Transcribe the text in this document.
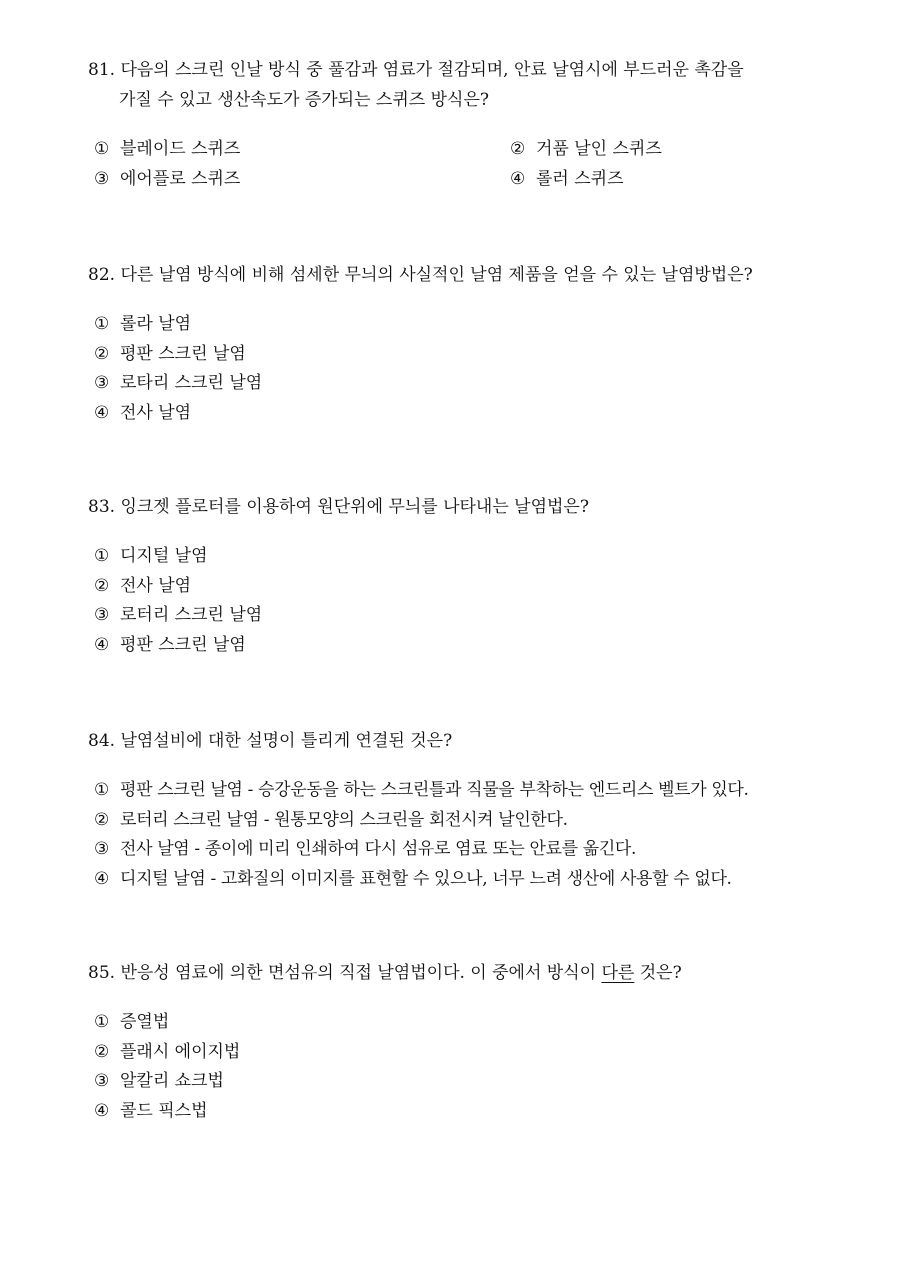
81. 다음의 스크린 인날 방식 중 풀감과 염료가 절감되며, 안료 날염시에 부드러운 촉감을
가질 수 있고 생산속도가 증가되는 스퀴즈 방식은?
① 블레이드 스퀴즈	② 거품 날인 스퀴즈
③ 에어플로 스퀴즈	④ 롤러 스퀴즈
82. 다른 날염 방식에 비해 섬세한 무늬의 사실적인 날염 제품을 얻을 수 있는 날염방법은?
① 롤라 날염
② 평판 스크린 날염
③ 로타리 스크린 날염
④ 전사 날염
83. 잉크젯 플로터를 이용하여 원단위에 무늬를 나타내는 날염법은?
① 디지털 날염
② 전사 날염
③ 로터리 스크린 날염
④ 평판 스크린 날염
84. 날염설비에 대한 설명이 틀리게 연결된 것은?
① 평판 스크린 날염 - 승강운동을 하는 스크린틀과 직물을 부착하는 엔드리스 벨트가 있다.
② 로터리 스크린 날염 - 원통모양의 스크린을 회전시켜 날인한다.
③ 전사 날염 - 종이에 미리 인쇄하여 다시 섬유로 염료 또는 안료를 옮긴다.
④ 디지털 날염 - 고화질의 이미지를 표현할 수 있으나, 너무 느려 생산에 사용할 수 없다.
85. 반응성 염료에 의한 면섬유의 직접 날염법이다. 이 중에서 방식이 다른 것은?
① 증열법
② 플래시 에이지법
③ 알칼리 쇼크법
④ 콜드 픽스법
